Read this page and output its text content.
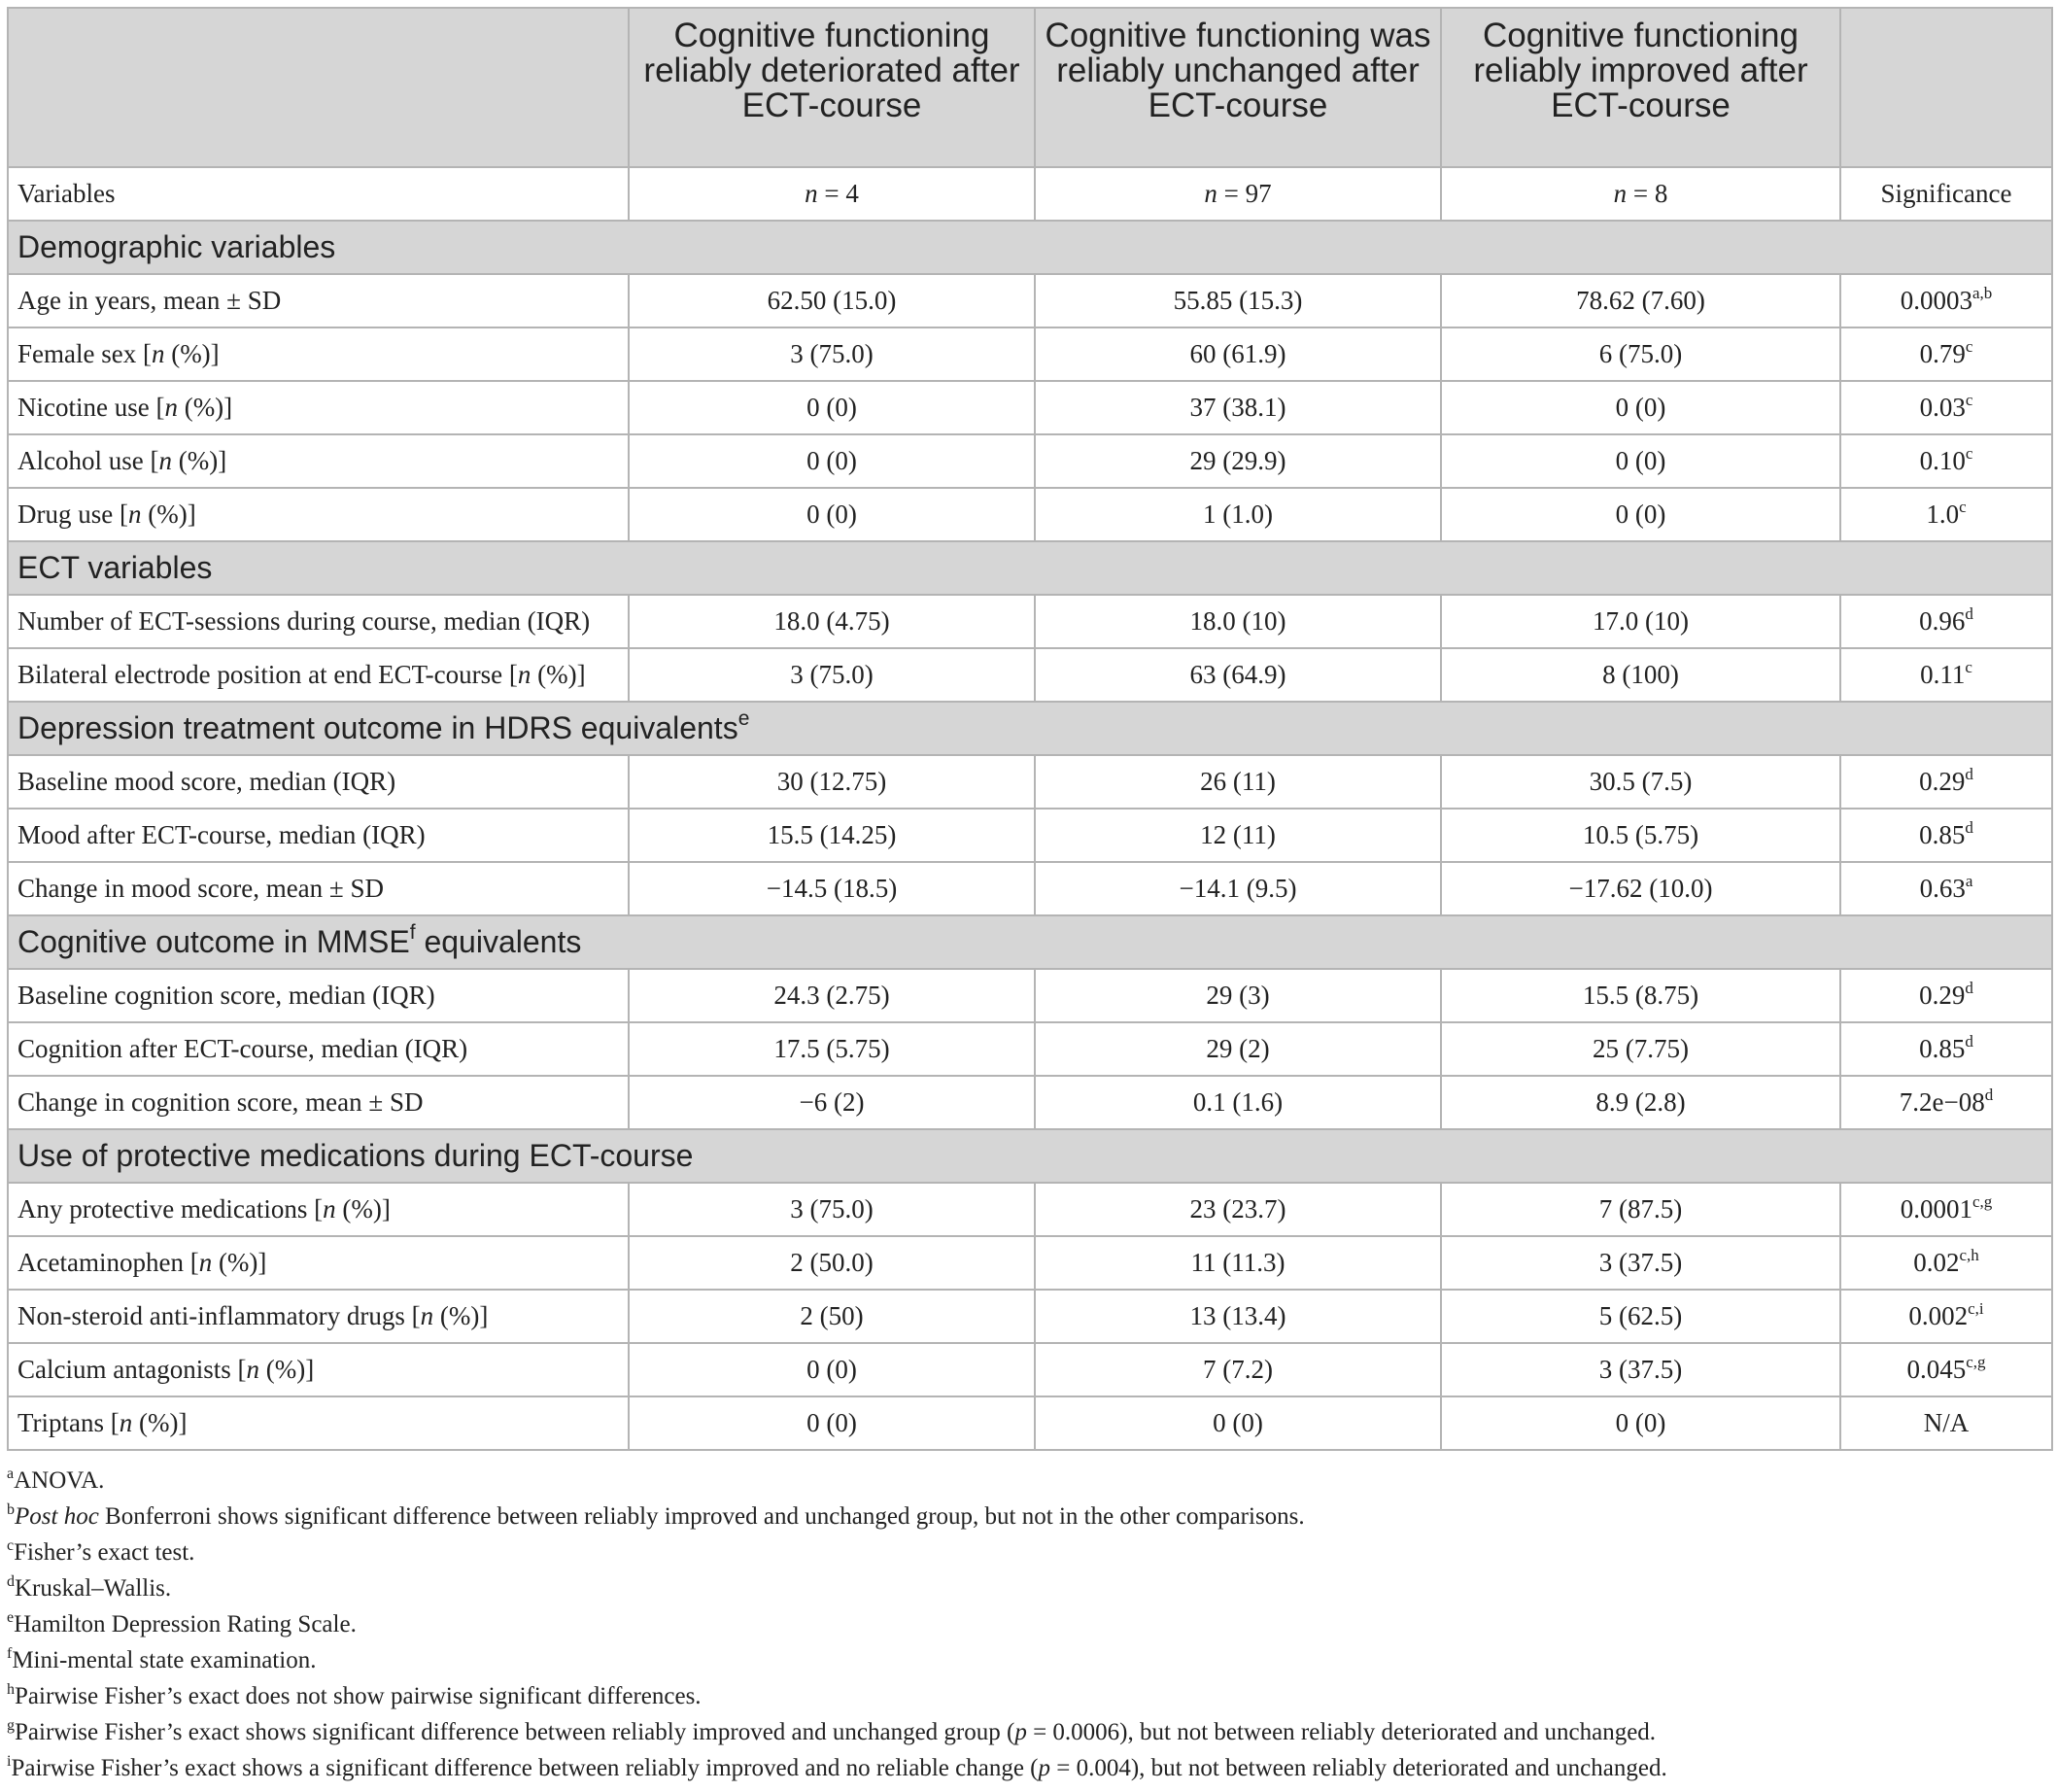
	Cognitive functioning reliably deteriorated after ECT-course	Cognitive functioning was reliably unchanged after ECT-course	Cognitive functioning reliably improved after ECT-course	
Variables	n = 4	n = 97	n = 8	Significance
Demographic variables				
Age in years, mean ± SD	62.50 (15.0)	55.85 (15.3)	78.62 (7.60)	0.0003$^{a,b}$
Female sex [n (%)]	3 (75.0)	60 (61.9)	6 (75.0)	0.79$^c$
Nicotine use [n (%)]	0 (0)	37 (38.1)	0 (0)	0.03$^c$
Alcohol use [n (%)]	0 (0)	29 (29.9)	0 (0)	0.10$^c$
Drug use [n (%)]	0 (0)	1 (1.0)	0 (0)	1.0$^c$
ECT variables				
Number of ECT-sessions during course, median (IQR)	18.0 (4.75)	18.0 (10)	17.0 (10)	0.96$^d$
Bilateral electrode position at end ECT-course [n (%)]	3 (75.0)	63 (64.9)	8 (100)	0.11$^c$
Depression treatment outcome in HDRS equivalents$^e$
Baseline mood score, median (IQR)	30 (12.75)	26 (11)	30.5 (7.5)	0.29$^d$
Mood after ECT-course, median (IQR)	15.5 (14.25)	12 (11)	10.5 (5.75)	0.85$^d$
Change in mood score, mean ± SD	−14.5 (18.5)	−14.1 (9.5)	−17.62 (10.0)	0.63$^a$
Cognitive outcome in MMSE$^f$ equivalents				
Baseline cognition score, median (IQR)	24.3 (2.75)	29 (3)	15.5 (8.75)	0.29$^d$
Cognition after ECT-course, median (IQR)	17.5 (5.75)	29 (2)	25 (7.75)	0.85$^d$
Change in cognition score, mean ± SD	−6 (2)	0.1 (1.6)	8.9 (2.8)	$7.2e-08^d$
Use of protective medications during ECT-course				
Any protective medications [n (%)]	3 (75.0)	23 (23.7)	7 (87.5)	0.0001$^{c,g}$
Acetaminophen [n (%)]	2 (50.0)	11 (11.3)	3 (37.5)	0.02$^{c,h}$
Non-steroid anti-inflammatory drugs [n (%)]	2 (50)	13 (13.4)	5 (62.5)	0.002$^{c,i}$
Calcium antagonists [n (%)]	0 (0)	7 (7.2)	3 (37.5)	0.045$^{c,g}$
Triptans [n (%)]	0 (0)	0 (0)	0 (0)	N/A
$^a$ANOVA.
$^b$Post hoc Bonferroni shows significant difference between reliably improved and unchanged group, but not in the other comparisons.
$^c$Fisher’s exact test.
$^d$Kruskal–Wallis.
$^e$Hamilton Depression Rating Scale.
$^f$Mini-mental state examination.
$^h$Pairwise Fisher’s exact does not show pairwise significant differences.
$^g$Pairwise Fisher’s exact shows significant difference between reliably improved and unchanged group (p = 0.0006), but not between reliably deteriorated and unchanged.
$^i$Pairwise Fisher’s exact shows a significant difference between reliably improved and no reliable change (p = 0.004), but not between reliably deteriorated and unchanged.
